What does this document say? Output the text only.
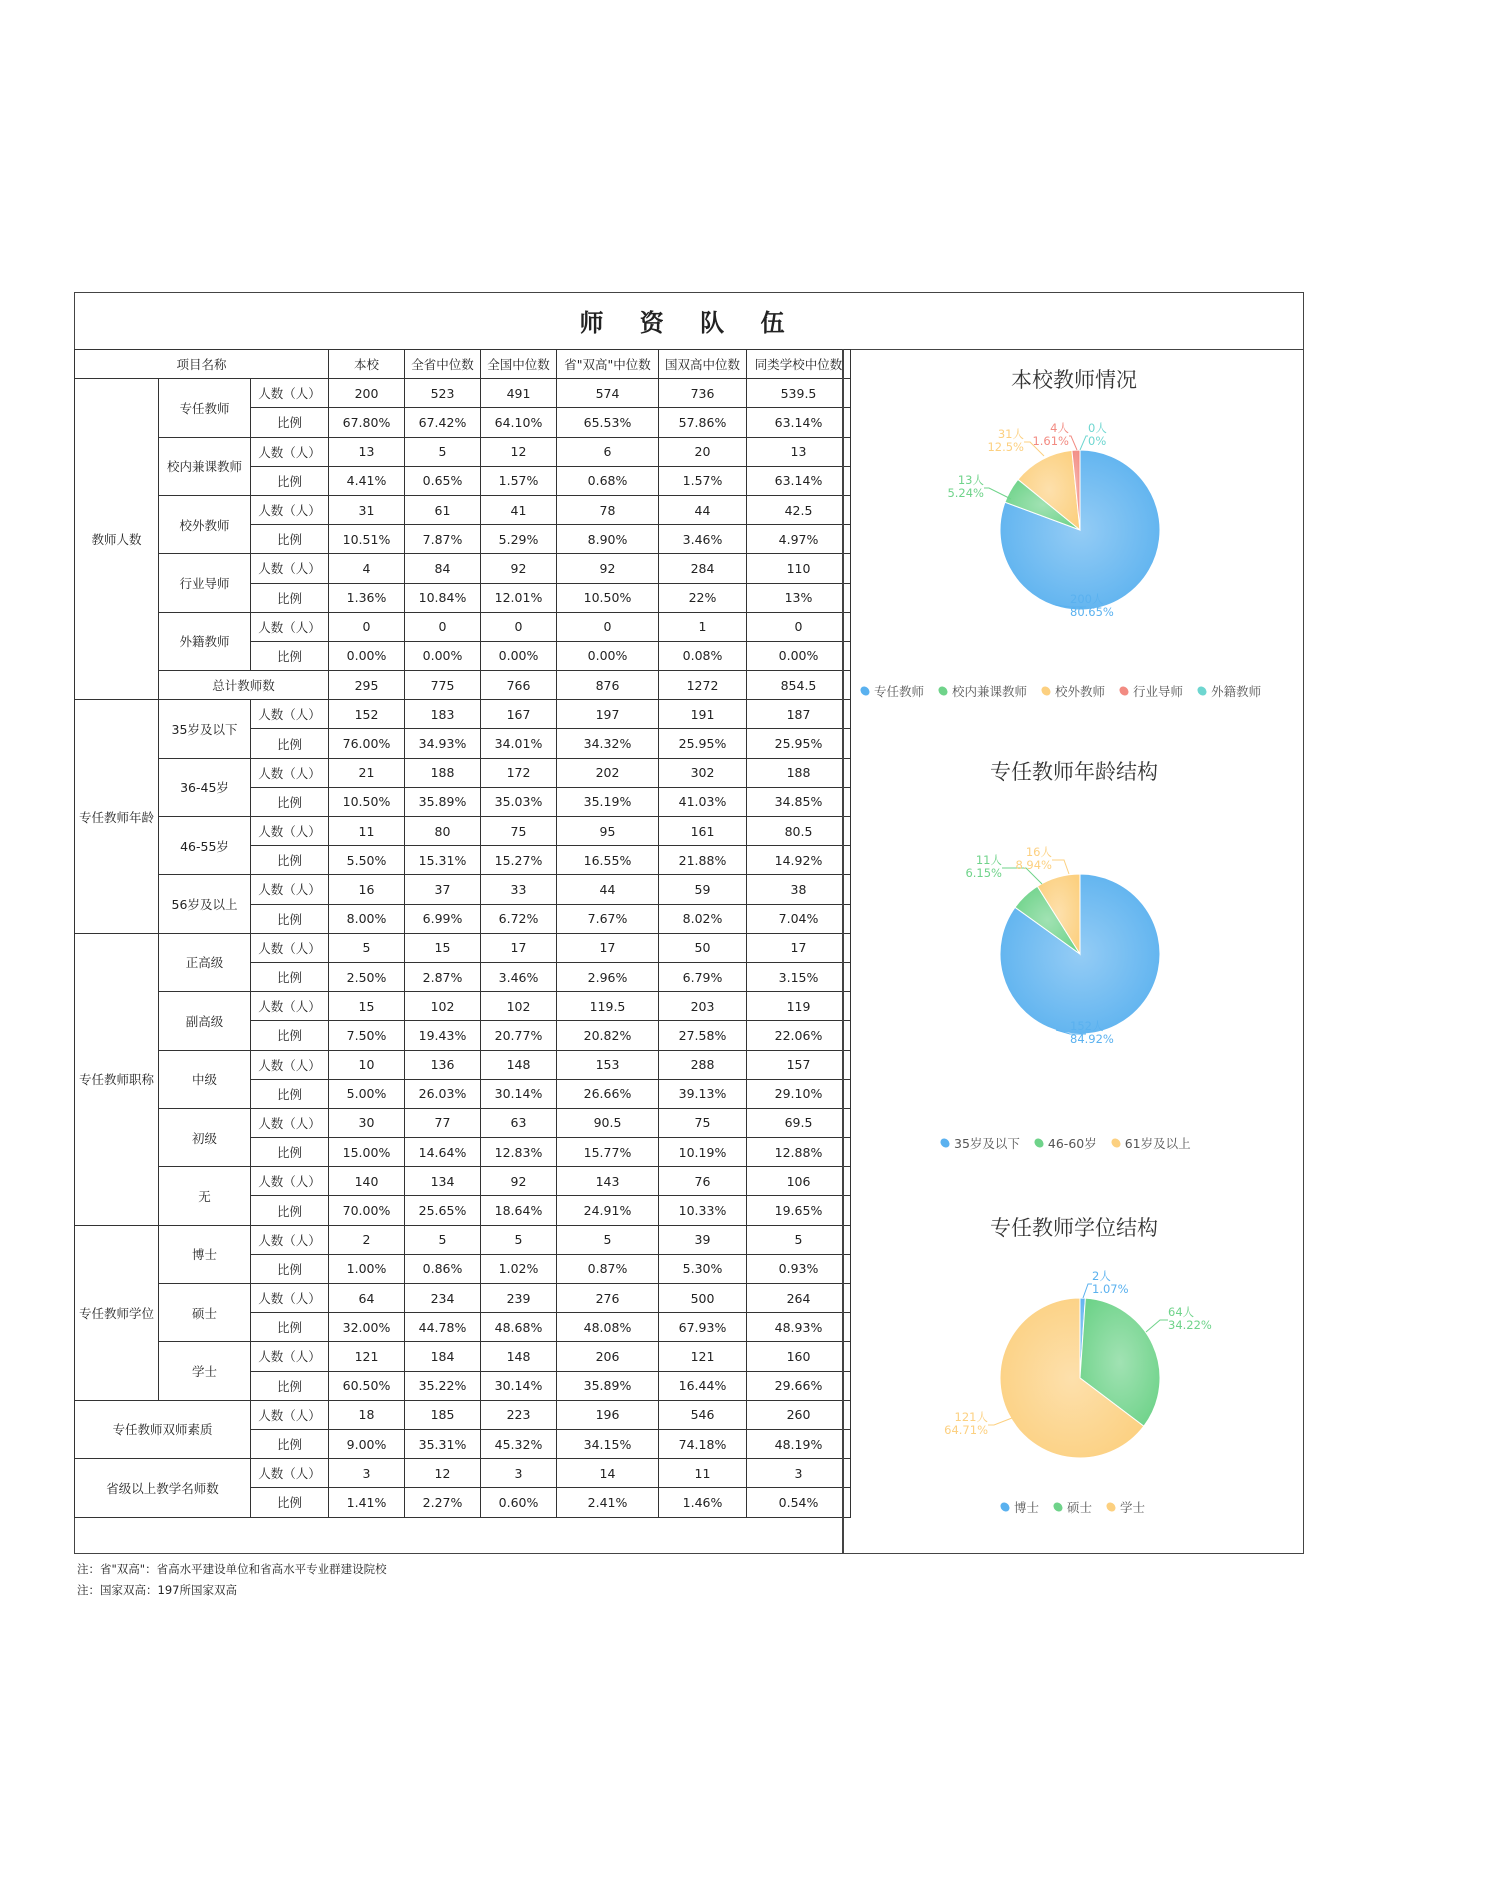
师 资 队 伍
项目名称			本校	全省中位数	全国中位数	省"双高"中位数	国双高中位数	同类学校中位数
教师人数	专任教师	人数（人）	200	523	491	574	736	539.5
		比例	67.80%	67.42%	64.10%	65.53%	57.86%	63.14%
	校内兼课教师	人数（人）	13	5	12	6	20	13
		比例	4.41%	0.65%	1.57%	0.68%	1.57%	63.14%
	校外教师	人数（人）	31	61	41	78	44	42.5
		比例	10.51%	7.87%	5.29%	8.90%	3.46%	4.97%
	行业导师	人数（人）	4	84	92	92	284	110
		比例	1.36%	10.84%	12.01%	10.50%	22%	13%
	外籍教师	人数（人）	0	0	0	0	1	0
		比例	0.00%	0.00%	0.00%	0.00%	0.08%	0.00%
	总计教师数		295	775	766	876	1272	854.5
专任教师年龄	35岁及以下	人数（人）	152	183	167	197	191	187
		比例	76.00%	34.93%	34.01%	34.32%	25.95%	25.95%
	36-45岁	人数（人）	21	188	172	202	302	188
		比例	10.50%	35.89%	35.03%	35.19%	41.03%	34.85%
	46-55岁	人数（人）	11	80	75	95	161	80.5
		比例	5.50%	15.31%	15.27%	16.55%	21.88%	14.92%
	56岁及以上	人数（人）	16	37	33	44	59	38
		比例	8.00%	6.99%	6.72%	7.67%	8.02%	7.04%
专任教师职称	正高级	人数（人）	5	15	17	17	50	17
		比例	2.50%	2.87%	3.46%	2.96%	6.79%	3.15%
	副高级	人数（人）	15	102	102	119.5	203	119
		比例	7.50%	19.43%	20.77%	20.82%	27.58%	22.06%
	中级	人数（人）	10	136	148	153	288	157
		比例	5.00%	26.03%	30.14%	26.66%	39.13%	29.10%
	初级	人数（人）	30	77	63	90.5	75	69.5
		比例	15.00%	14.64%	12.83%	15.77%	10.19%	12.88%
	无	人数（人）	140	134	92	143	76	106
		比例	70.00%	25.65%	18.64%	24.91%	10.33%	19.65%
专任教师学位	博士	人数（人）	2	5	5	5	39	5
		比例	1.00%	0.86%	1.02%	0.87%	5.30%	0.93%
	硕士	人数（人）	64	234	239	276	500	264
		比例	32.00%	44.78%	48.68%	48.08%	67.93%	48.93%
	学士	人数（人）	121	184	148	206	121	160
		比例	60.50%	35.22%	30.14%	35.89%	16.44%	29.66%
专任教师双师素质		人数（人）	18	185	223	196	546	260
		比例	9.00%	35.31%	45.32%	34.15%	74.18%	48.19%
省级以上教学名师数		人数（人）	3	12	3	14	11	3
		比例	1.41%	2.27%	0.60%	2.41%	1.46%	0.54%
本校教师情况
200人
80.65%
13人
5.24%
31人
12.5%
4人
1.61%
0人
0%
专任教师 校内兼课教师 校外教师 行业导师 外籍教师
专任教师年龄结构
152人
84.92%
11人
6.15%
16人
8.94%
35岁及以下 46-60岁 61岁及以上
专任教师学位结构
2人
1.07%
64人
34.22%
121人
64.71%
博士 硕士 学士
注：省"双高"：省高水平建设单位和省高水平专业群建设院校
注：国家双高：197所国家双高
